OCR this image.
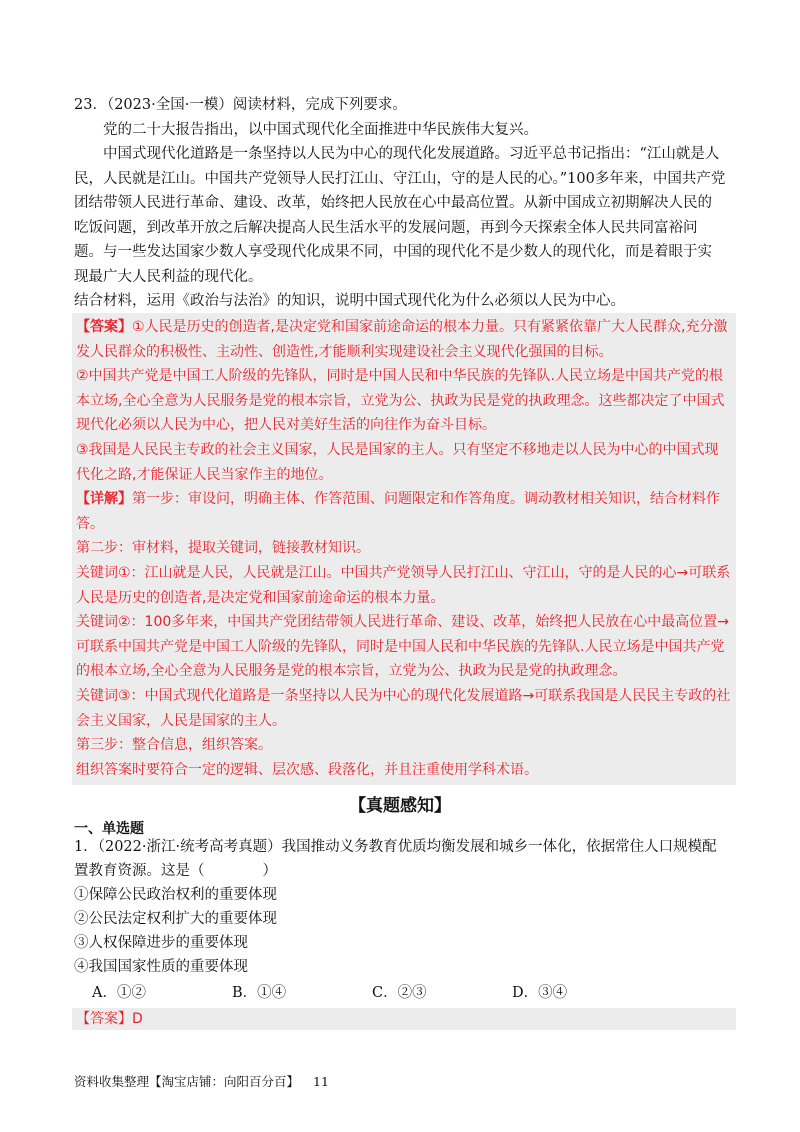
23．（2023·全国·一模）阅读材料，完成下列要求。

党的二十大报告指出，以中国式现代化全面推进中华民族伟大复兴。

中国式现代化道路是一条坚持以人民为中心的现代化发展道路。习近平总书记指出：“江山就是人民，人民就是江山。中国共产党领导人民打江山、守江山，守的是人民的心。”100多年来，中国共产党团结带领人民进行革命、建设、改革，始终把人民放在心中最高位置。从新中国成立初期解决人民的吃饭问题，到改革开放之后解决提高人民生活水平的发展问题，再到今天探索全体人民共同富裕问题。与一些发达国家少数人享受现代化成果不同，中国的现代化不是少数人的现代化，而是着眼于实现最广大人民利益的现代化。

结合材料，运用《政治与法治》的知识，说明中国式现代化为什么必须以人民为中心。

【答案】①人民是历史的创造者,是决定党和国家前途命运的根本力量。只有紧紧依靠广大人民群众,充分激发人民群众的积极性、主动性、创造性,才能顺利实现建设社会主义现代化强国的目标。

②中国共产党是中国工人阶级的先锋队，同时是中国人民和中华民族的先锋队.人民立场是中国共产党的根本立场,全心全意为人民服务是党的根本宗旨，立党为公、执政为民是党的执政理念。这些都决定了中国式现代化必须以人民为中心，把人民对美好生活的向往作为奋斗目标。

③我国是人民民主专政的社会主义国家，人民是国家的主人。只有坚定不移地走以人民为中心的中国式现代化之路,才能保证人民当家作主的地位。

【详解】第一步：审设问，明确主体、作答范围、问题限定和作答角度。调动教材相关知识，结合材料作答。

第二步：审材料，提取关键词，链接教材知识。

关键词①：江山就是人民，人民就是江山。中国共产党领导人民打江山、守江山，守的是人民的心→可联系人民是历史的创造者,是决定党和国家前途命运的根本力量。

关键词②：100多年来，中国共产党团结带领人民进行革命、建设、改革，始终把人民放在心中最高位置→可联系中国共产党是中国工人阶级的先锋队，同时是中国人民和中华民族的先锋队.人民立场是中国共产党的根本立场,全心全意为人民服务是党的根本宗旨，立党为公、执政为民是党的执政理念。

关键词③：中国式现代化道路是一条坚持以人民为中心的现代化发展道路→可联系我国是人民民主专政的社会主义国家，人民是国家的主人。

第三步：整合信息，组织答案。

组织答案时要符合一定的逻辑、层次感、段落化，并且注重使用学科术语。

【真题感知】
一、单选题

1．（2022·浙江·统考高考真题）我国推动义务教育优质均衡发展和城乡一体化，依据常住人口规模配置教育资源。这是（　　　　）

①保障公民政治权利的重要体现

②公民法定权利扩大的重要体现

③人权保障进步的重要体现

④我国国家性质的重要体现

A．①②	B．①④	C．②③	D．③④
【答案】D
资料收集整理【淘宝店铺：向阳百分百】 11
